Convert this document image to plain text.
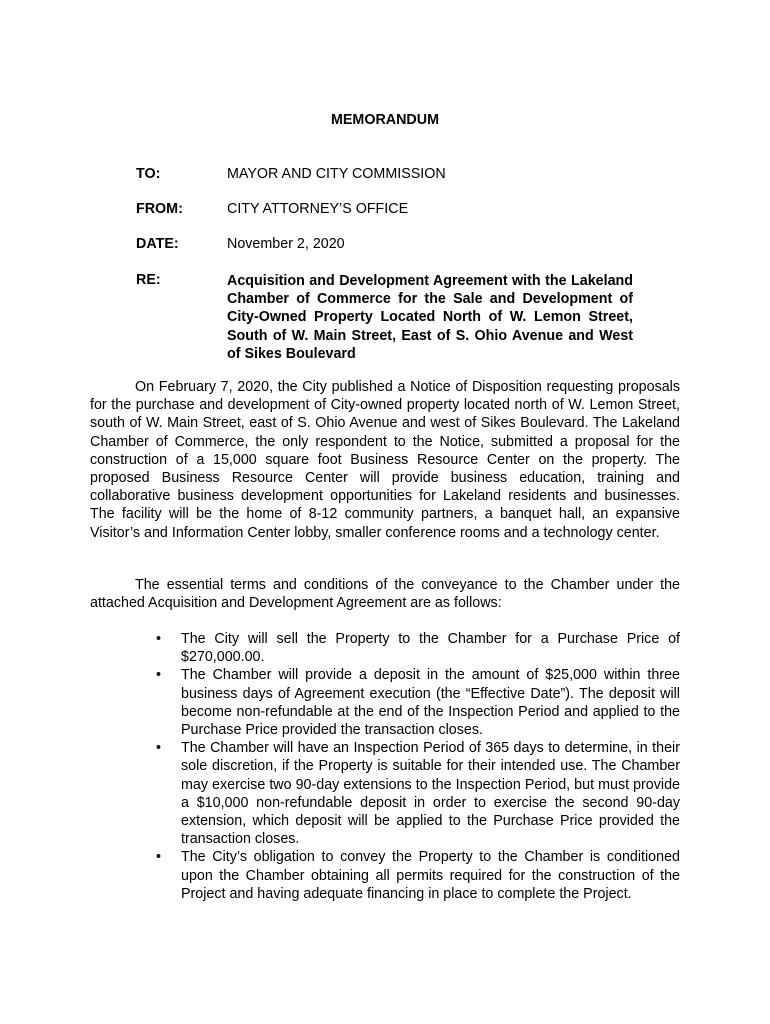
MEMORANDUM
TO:	MAYOR AND CITY COMMISSION
FROM:	CITY ATTORNEY’S OFFICE
DATE:	November 2, 2020
RE:	Acquisition and Development Agreement with the Lakeland Chamber of Commerce for the Sale and Development of City-Owned Property Located North of W. Lemon Street, South of W. Main Street, East of S. Ohio Avenue and West of Sikes Boulevard

On February 7, 2020, the City published a Notice of Disposition requesting proposals for the purchase and development of City-owned property located north of W. Lemon Street, south of W. Main Street, east of S. Ohio Avenue and west of Sikes Boulevard. The Lakeland Chamber of Commerce, the only respondent to the Notice, submitted a proposal for the construction of a 15,000 square foot Business Resource Center on the property. The proposed Business Resource Center will provide business education, training and collaborative business development opportunities for Lakeland residents and businesses. The facility will be the home of 8-12 community partners, a banquet hall, an expansive Visitor’s and Information Center lobby, smaller conference rooms and a technology center.

The essential terms and conditions of the conveyance to the Chamber under the attached Acquisition and Development Agreement are as follows:

• The City will sell the Property to the Chamber for a Purchase Price of $270,000.00.
• The Chamber will provide a deposit in the amount of $25,000 within three business days of Agreement execution (the “Effective Date”). The deposit will become non-refundable at the end of the Inspection Period and applied to the Purchase Price provided the transaction closes.
• The Chamber will have an Inspection Period of 365 days to determine, in their sole discretion, if the Property is suitable for their intended use. The Chamber may exercise two 90-day extensions to the Inspection Period, but must provide a $10,000 non-refundable deposit in order to exercise the second 90-day extension, which deposit will be applied to the Purchase Price provided the transaction closes.
• The City’s obligation to convey the Property to the Chamber is conditioned upon the Chamber obtaining all permits required for the construction of the Project and having adequate financing in place to complete the Project.
